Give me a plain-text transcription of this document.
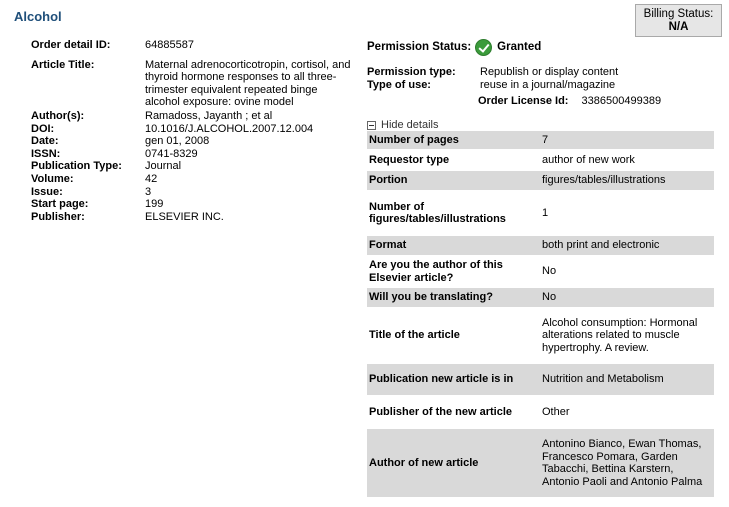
Alcohol	Billing Status:
N/A
Order detail ID:	64885587
Article Title:	Maternal adrenocorticotropin, cortisol, and thyroid hormone responses to all three-trimester equivalent repeated binge alcohol exposure: ovine model
Author(s):	Ramadoss, Jayanth ; et al
DOI:	10.1016/J.ALCOHOL.2007.12.004
Date:	gen 01, 2008
ISSN:	0741-8329
Publication Type:	Journal
Volume:	42
Issue:	3
Start page:	199
Publisher:	ELSEVIER INC.
Permission Status: Granted
Permission type:	Republish or display content
Type of use:	reuse in a journal/magazine
Order License Id: 3386500499389
Hide details
Number of pages	7
Requestor type	author of new work
Portion	figures/tables/illustrations
Number of figures/tables/illustrations	1
Format	both print and electronic
Are you the author of this Elsevier article?	No
Will you be translating?	No
Title of the article	Alcohol consumption: Hormonal alterations related to muscle hypertrophy. A review.
Publication new article is in	Nutrition and Metabolism
Publisher of the new article	Other
Author of new article	Antonino Bianco, Ewan Thomas, Francesco Pomara, Garden Tabacchi, Bettina Karstern, Antonio Paoli and Antonio Palma
